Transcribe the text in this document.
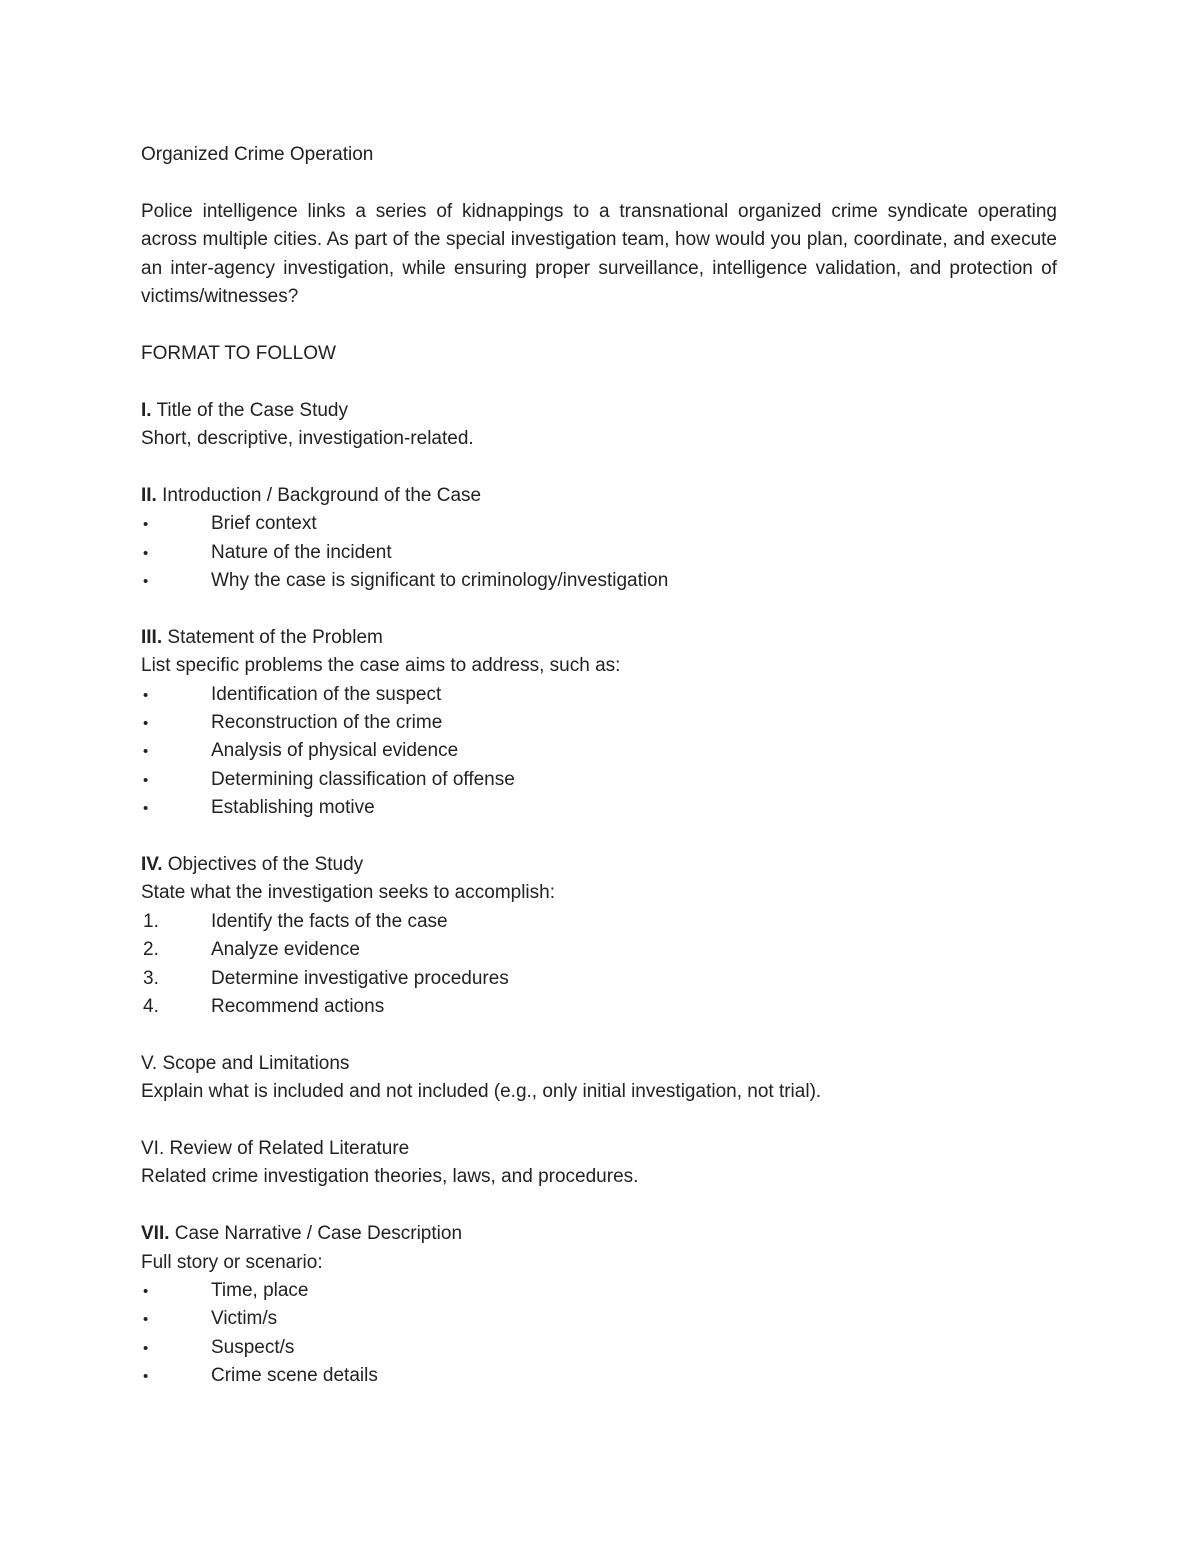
Organized Crime Operation

Police intelligence links a series of kidnappings to a transnational organized crime syndicate operating across multiple cities. As part of the special investigation team, how would you plan, coordinate, and execute an inter-agency investigation, while ensuring proper surveillance, intelligence validation, and protection of victims/witnesses?

FORMAT TO FOLLOW

I. Title of the Case Study

Short, descriptive, investigation-related.

II. Introduction / Background of the Case

•	Brief context
•	Nature of the incident
•	Why the case is significant to criminology/investigation

III. Statement of the Problem

List specific problems the case aims to address, such as:

•	Identification of the suspect
•	Reconstruction of the crime
•	Analysis of physical evidence
•	Determining classification of offense
•	Establishing motive

IV. Objectives of the Study

State what the investigation seeks to accomplish:

1.	Identify the facts of the case
2.	Analyze evidence
3.	Determine investigative procedures
4.	Recommend actions

V. Scope and Limitations

Explain what is included and not included (e.g., only initial investigation, not trial).

VI. Review of Related Literature

Related crime investigation theories, laws, and procedures.

VII. Case Narrative / Case Description

Full story or scenario:

•	Time, place
•	Victim/s
•	Suspect/s
•	Crime scene details
